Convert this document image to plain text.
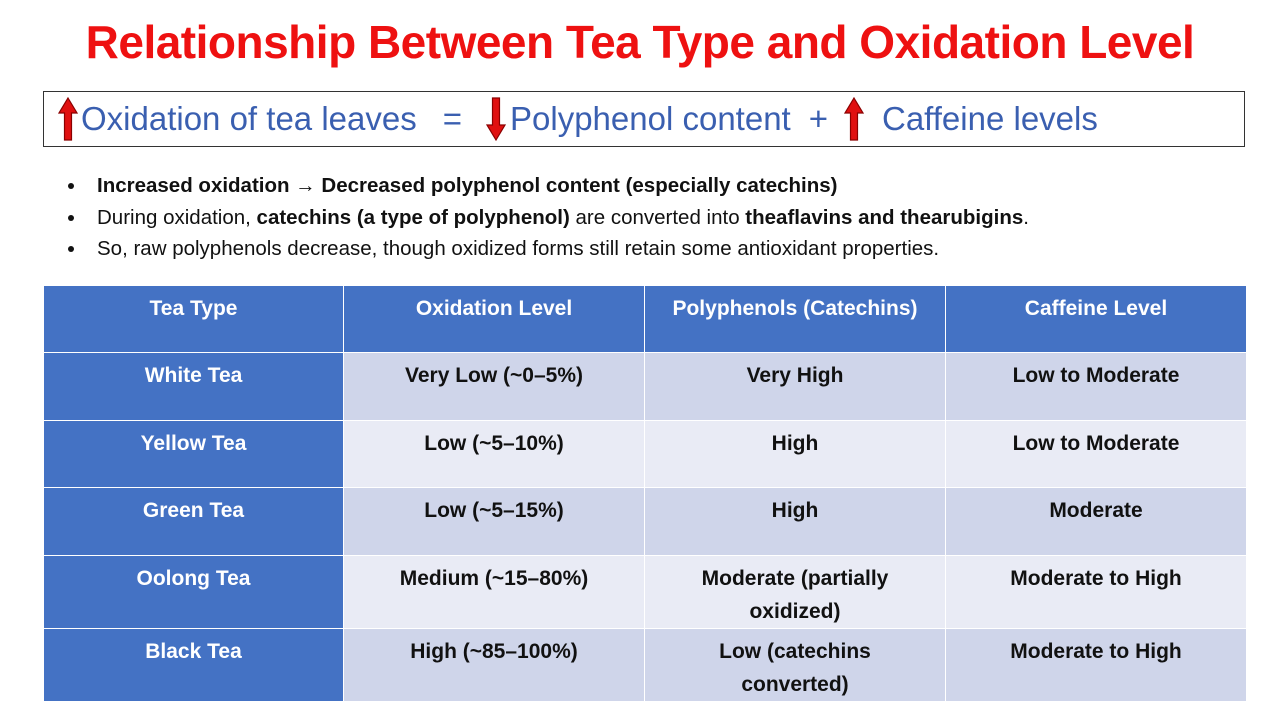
Relationship Between Tea Type and Oxidation Level
Oxidation of tea leaves = Polyphenol content + Caffeine levels
Increased oxidation → Decreased polyphenol content (especially catechins)
During oxidation, catechins (a type of polyphenol) are converted into theaflavins and thearubigins.
So, raw polyphenols decrease, though oxidized forms still retain some antioxidant properties.
Tea Type	Oxidation Level	Polyphenols (Catechins)	Caffeine Level
White Tea	Very Low (~0–5%)	Very High	Low to Moderate
Yellow Tea	Low (~5–10%)	High	Low to Moderate
Green Tea	Low (~5–15%)	High	Moderate
Oolong Tea	Medium (~15–80%)	Moderate (partially oxidized)	Moderate to High
Black Tea	High (~85–100%)	Low (catechins converted)	Moderate to High
